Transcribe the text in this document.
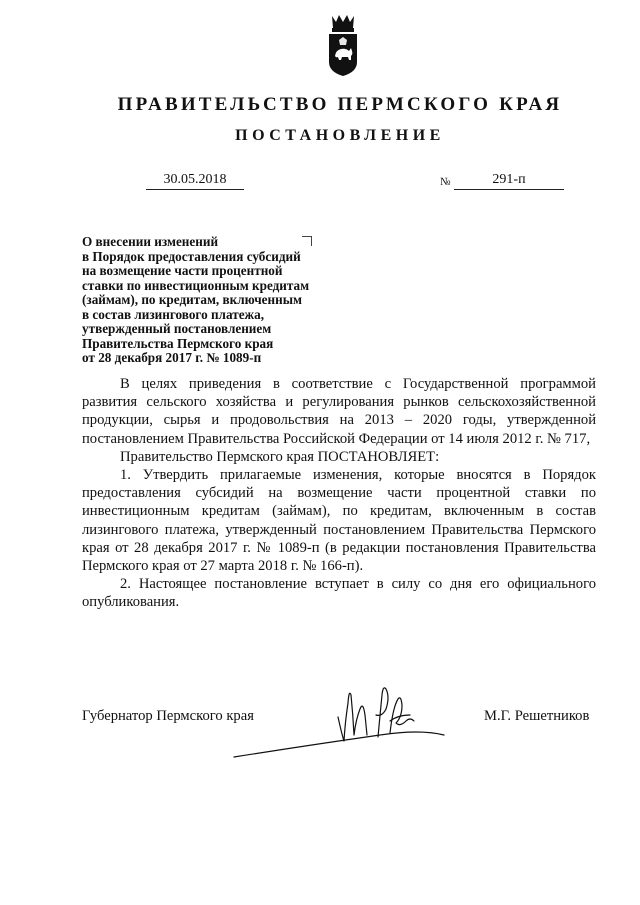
ПРАВИТЕЛЬСТВО ПЕРМСКОГО КРАЯ
ПОСТАНОВЛЕНИЕ
30.05.2018	№	291-п
О внесении изменений
в Порядок предоставления субсидий
на возмещение части процентной
ставки по инвестиционным кредитам
(займам), по кредитам, включенным
в состав лизингового платежа,
утвержденный постановлением
Правительства Пермского края
от 28 декабря 2017 г. № 1089-п

В целях приведения в соответствие с Государственной программой развития сельского хозяйства и регулирования рынков сельскохозяйственной продукции, сырья и продовольствия на 2013 – 2020 годы, утвержденной постановлением Правительства Российской Федерации от 14 июля 2012 г. № 717,

Правительство Пермского края ПОСТАНОВЛЯЕТ:

1. Утвердить прилагаемые изменения, которые вносятся в Порядок предоставления субсидий на возмещение части процентной ставки по инвестиционным кредитам (займам), по кредитам, включенным в состав лизингового платежа, утвержденный постановлением Правительства Пермского края от 28 декабря 2017 г. № 1089-п (в редакции постановления Правительства Пермского края от 27 марта 2018 г. № 166-п).

2. Настоящее постановление вступает в силу со дня его официального опубликования.

Губернатор Пермского края	М.Г. Решетников
